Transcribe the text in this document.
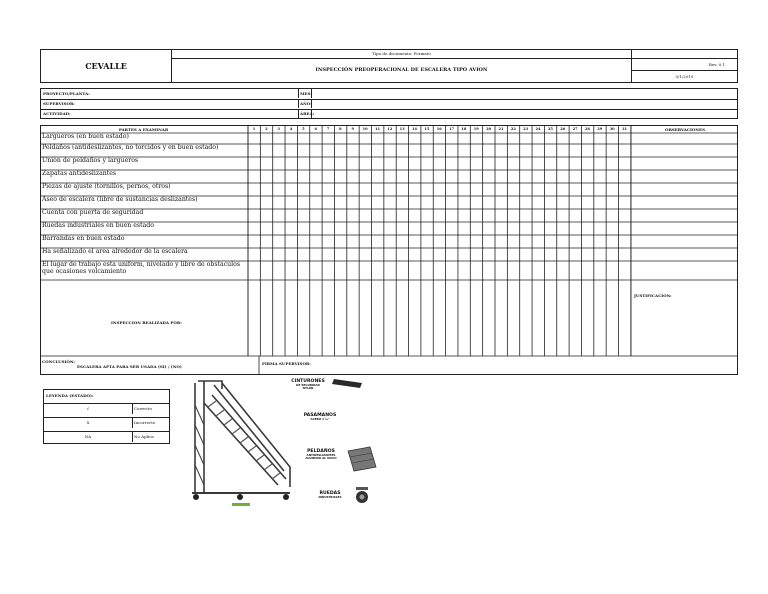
CEVALLE
Tipo de documento: Formato
INSPECCIÓN PREOPERACIONAL DE ESCALERA TIPO AVION
Rev. 0.1
3/1/2019
PROYECTO/PLANTA:	MES:
SUPERVISOR:	AÑO:
ACTIVIDAD:	ÁREA:
PARTES A EXAMINAR	OBSERVACIONES
1	2	3	4	5	6	7	8	9	10	11	12	13	14	15	16	17	18	19	20	21	22	23	24	25	26	27	28	29	30	31
Largueros (en buen estado)
Peldaños (antideslizantes, no torcidos y en buen estado)
Unión de peldaños y largueros
Zapatas antideslizantes
Piezas de ajuste (tornillos, pernos, otros)
Aseo de escalera (libre de sustancias deslizantes)
Cuenta con puerta de seguridad
Ruedas industriales en buen estado
Barrandas en buen estado
Ha señalizado el area alrededor de la escalera
El lugar de trabajo esta uniform, nivelado y libre de obstaculos que ocasiones volcamiento
INSPECCION REALIZADA POR:
JUSTIFICACION:
CONCLUSIÓN:
ESCALERA APTA PARA SER USADA (SI) / (NO)
FIRMA SUPERVISOR:
LEYENDA (ESTADO):
√	Correcto
X	Incorrecto
NA	No Aplica
CINTURONES
DE SEGURIDAD
NYLON
PASAMANOS
ACERO 1 ¼"
PELDAÑOS
ANTIDESLIZANTES
ALUMINIO AL VACIO
RUEDAS
INDUSTRIALES
